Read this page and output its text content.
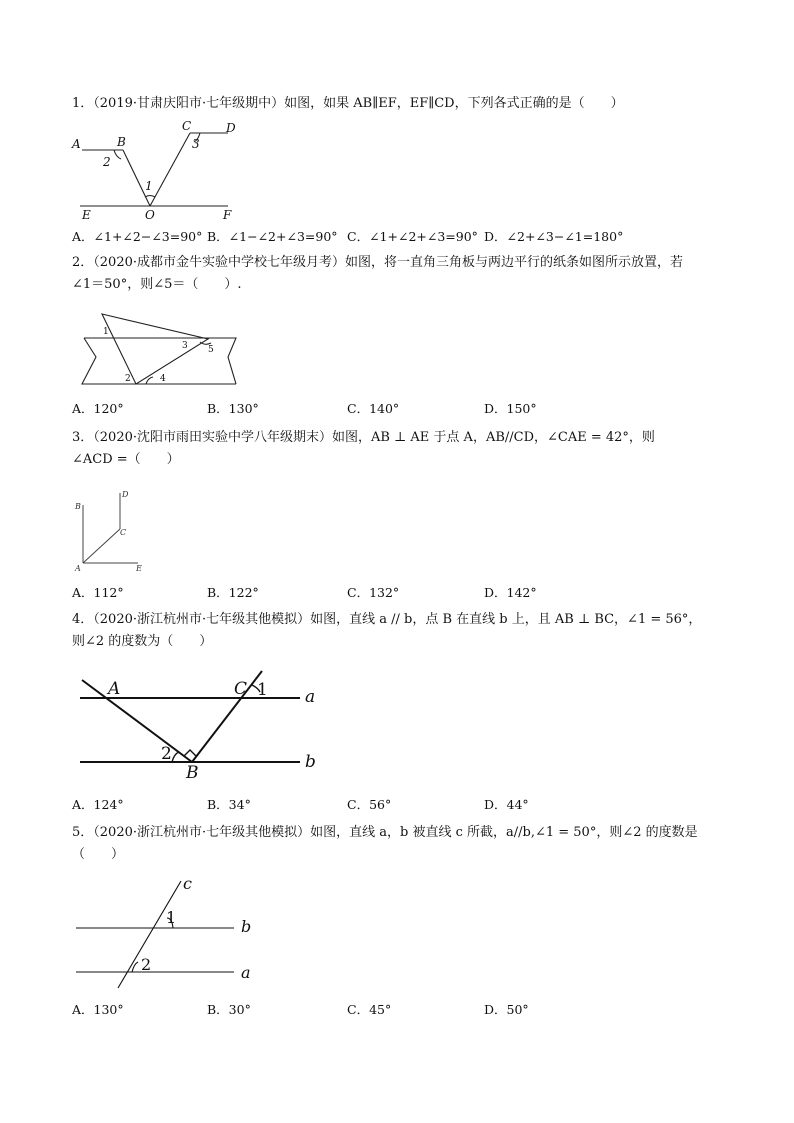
1．（2019·甘肃庆阳市·七年级期中）如图，如果 AB∥EF，EF∥CD，下列各式正确的是（　　）

A	B
C	D
E	O	F
2
3
1
A．∠1+∠2−∠3=90° B．∠1−∠2+∠3=90° C．∠1+∠2+∠3=90° D．∠2+∠3−∠1=180°

2．（2020·成都市金牛实验中学校七年级月考）如图，将一直角三角板与两边平行的纸条如图所示放置，若

∠1＝50°，则∠5＝（　　）.

1
2
3
4
5
A．120°	B．130°	C．140°	D．150°

3．（2020·沈阳市雨田实验中学八年级期末）如图，AB ⊥ AE 于点 A，AB//CD，∠CAE = 42°，则

∠ACD =（　　）

B
A	E
C
D
A．112°	B．122°	C．132°	D．142°

4．（2020·浙江杭州市·七年级其他模拟）如图，直线 a // b，点 B 在直线 b 上，且 AB ⊥ BC，∠1 = 56°，

则∠2 的度数为（　　）

A	C 1
2
B
a
b
A．124°	B．34°	C．56°	D．44°

5．（2020·浙江杭州市·七年级其他模拟）如图，直线 a，b 被直线 c 所截，a//b,∠1 = 50°，则∠2 的度数是

（　　）

c
1
2
b
a
A．130°	B．30°	C．45°	D．50°
